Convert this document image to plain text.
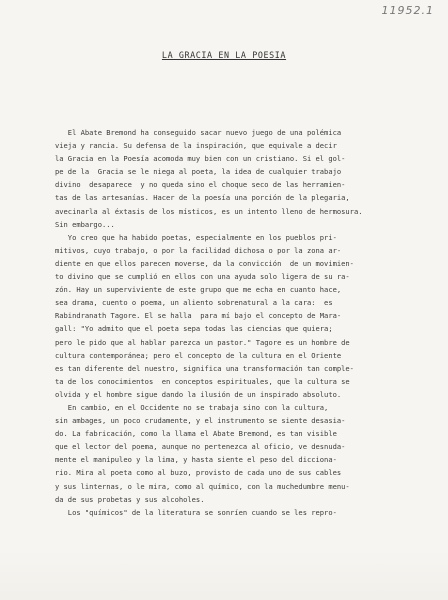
11952.1
LA GRACIA EN LA POESIA
El Abate Bremond ha conseguido sacar nuevo juego de una polémica
vieja y rancia. Su defensa de la inspiración, que equivale a decir
la Gracia en la Poesía acomoda muy bien con un cristiano. Si el gol-
pe de la  Gracia se le niega al poeta, la idea de cualquier trabajo
divino  desaparece  y no queda sino el choque seco de las herramien-
tas de las artesanías. Hacer de la poesía una porción de la plegaria,
avecinarla al éxtasis de los místicos, es un intento lleno de hermosura.
Sin embargo...
Yo creo que ha habido poetas, especialmente en los pueblos pri-
mitivos, cuyo trabajo, o por la facilidad dichosa o por la zona ar-
diente en que ellos parecen moverse, da la convicción  de un movimien-
to divino que se cumplió en ellos con una ayuda solo ligera de su ra-
zón. Hay un superviviente de este grupo que me echa en cuanto hace,
sea drama, cuento o poema, un aliento sobrenatural a la cara:  es
Rabindranath Tagore. El se halla  para mí bajo el concepto de Mara-
gall: "Yo admito que el poeta sepa todas las ciencias que quiera;
pero le pido que al hablar parezca un pastor." Tagore es un hombre de
cultura contemporánea; pero el concepto de la cultura en el Oriente
es tan diferente del nuestro, significa una transformación tan comple-
ta de los conocimientos  en conceptos espirituales, que la cultura se
olvida y el hombre sigue dando la ilusión de un inspirado absoluto.
En cambio, en el Occidente no se trabaja sino con la cultura,
sin ambages, un poco crudamente, y el instrumento se siente desasia-
do. La fabricación, como la llama el Abate Bremond, es tan visible
que el lector del poema, aunque no pertenezca al oficio, ve desnuda-
mente el manipuleo y la lima, y hasta siente el peso del dicciona-
rio. Mira al poeta como al buzo, provisto de cada uno de sus cables
y sus linternas, o le mira, como al químico, con la muchedumbre menu-
da de sus probetas y sus alcoholes.
Los "químicos" de la literatura se sonríen cuando se les repro-
